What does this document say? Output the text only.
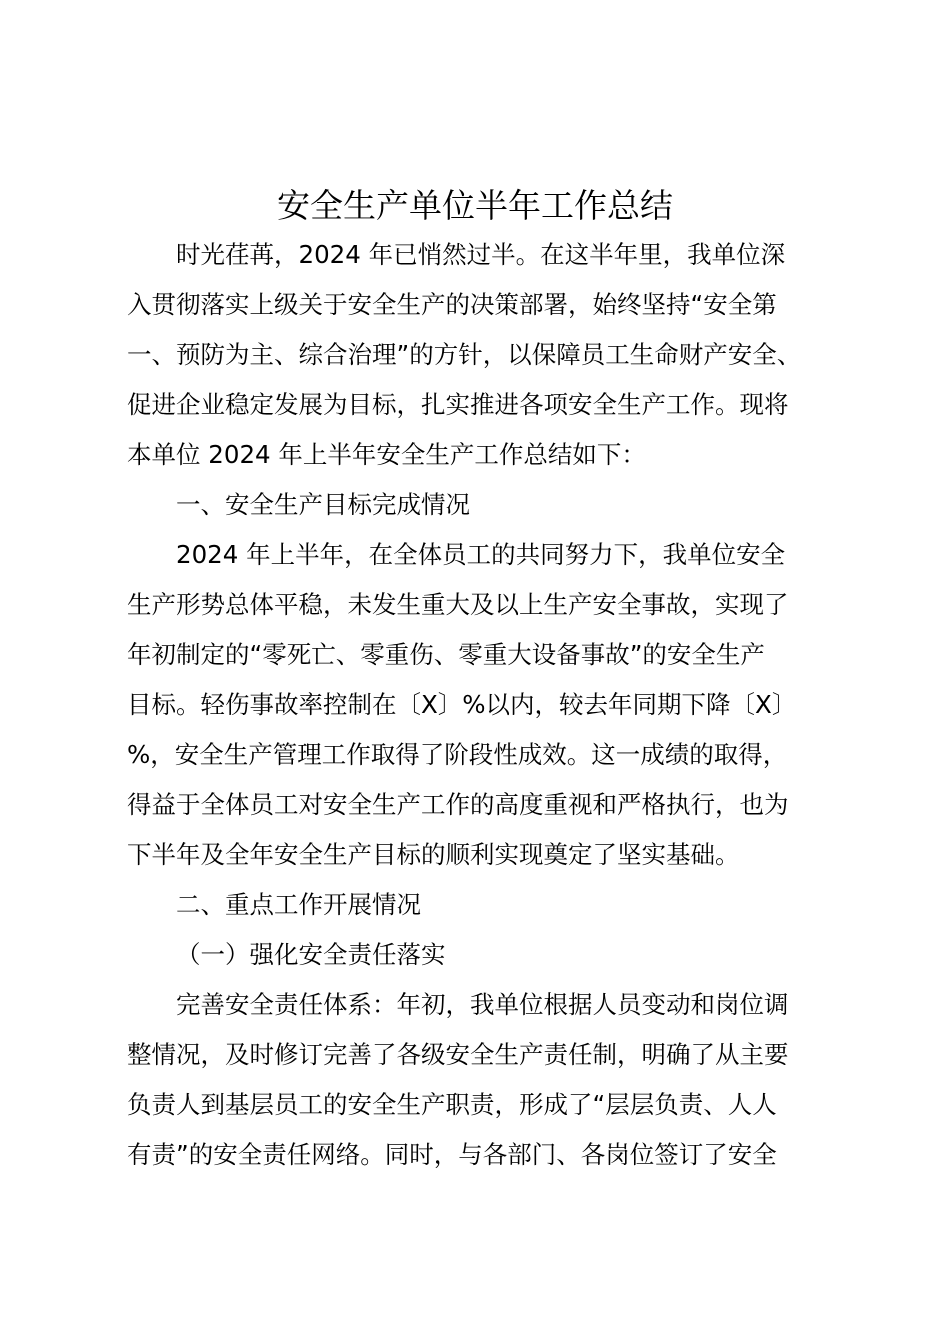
安全生产单位半年工作总结

时光荏苒，2024 年已悄然过半。在这半年里，我单位深
入贯彻落实上级关于安全生产的决策部署，始终坚持“安全第
一、预防为主、综合治理”的方针，以保障员工生命财产安全、
促进企业稳定发展为目标，扎实推进各项安全生产工作。现将
本单位 2024 年上半年安全生产工作总结如下：

一、安全生产目标完成情况

2024 年上半年，在全体员工的共同努力下，我单位安全
生产形势总体平稳，未发生重大及以上生产安全事故，实现了
年初制定的“零死亡、零重伤、零重大设备事故”的安全生产
目标。轻伤事故率控制在〔X〕%以内，较去年同期下降〔X〕
%，安全生产管理工作取得了阶段性成效。这一成绩的取得，
得益于全体员工对安全生产工作的高度重视和严格执行，也为
下半年及全年安全生产目标的顺利实现奠定了坚实基础。

二、重点工作开展情况

（一）强化安全责任落实

完善安全责任体系：年初，我单位根据人员变动和岗位调
整情况，及时修订完善了各级安全生产责任制，明确了从主要
负责人到基层员工的安全生产职责，形成了“层层负责、人人
有责”的安全责任网络。同时，与各部门、各岗位签订了安全
